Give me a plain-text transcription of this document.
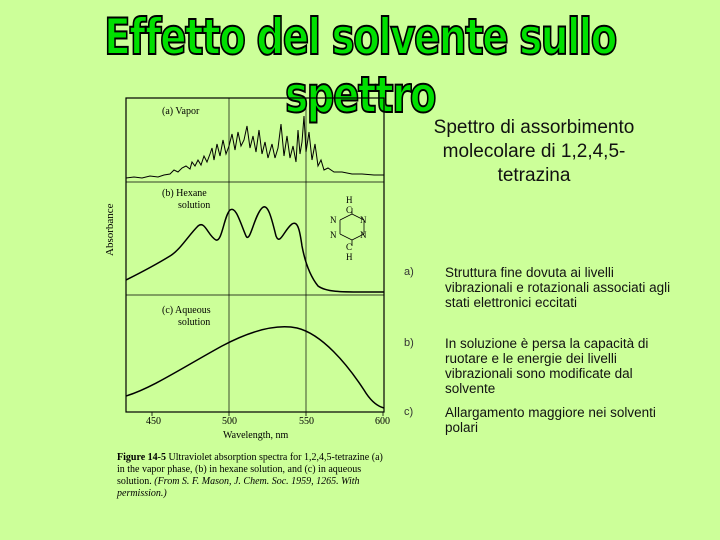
Effetto del solvente sullo spettro
H
C
N
N
N
N
C
H
(a) Vapor
(b) Hexane
solution
(c) Aqueous
solution
450	500	550	600
Absorbance
Wavelength, nm
Figure 14-5 Ultraviolet absorption spectra for 1,2,4,5-tetrazine (a) in the vapor phase, (b) in hexane solution, and (c) in aqueous solution. (From S. F. Mason, J. Chem. Soc. 1959, 1265. With permission.)
Spettro di assorbimento molecolare di 1,2,4,5-tetrazina
a) Struttura fine dovuta ai livelli vibrazionali e rotazionali associati agli stati elettronici eccitati
b) In soluzione è persa la capacità di ruotare e le energie dei livelli vibrazionali sono modificate dal solvente
c) Allargamento maggiore nei solventi polari
